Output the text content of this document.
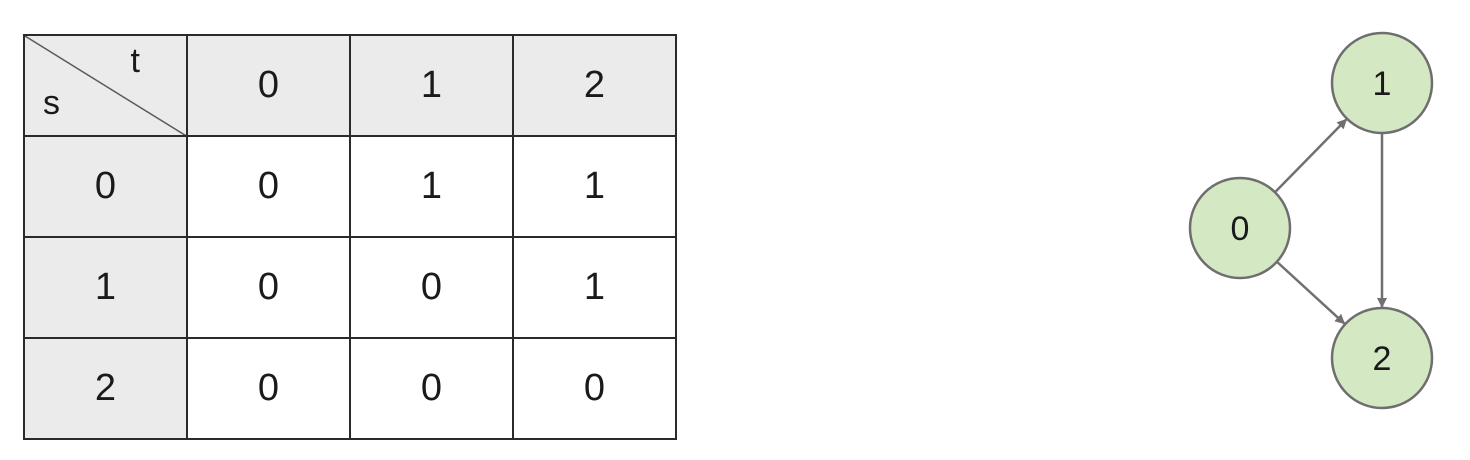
t
s	0	1	2
0	0	1	1
1	0	0	1
2	0	0	0
0
1
2
